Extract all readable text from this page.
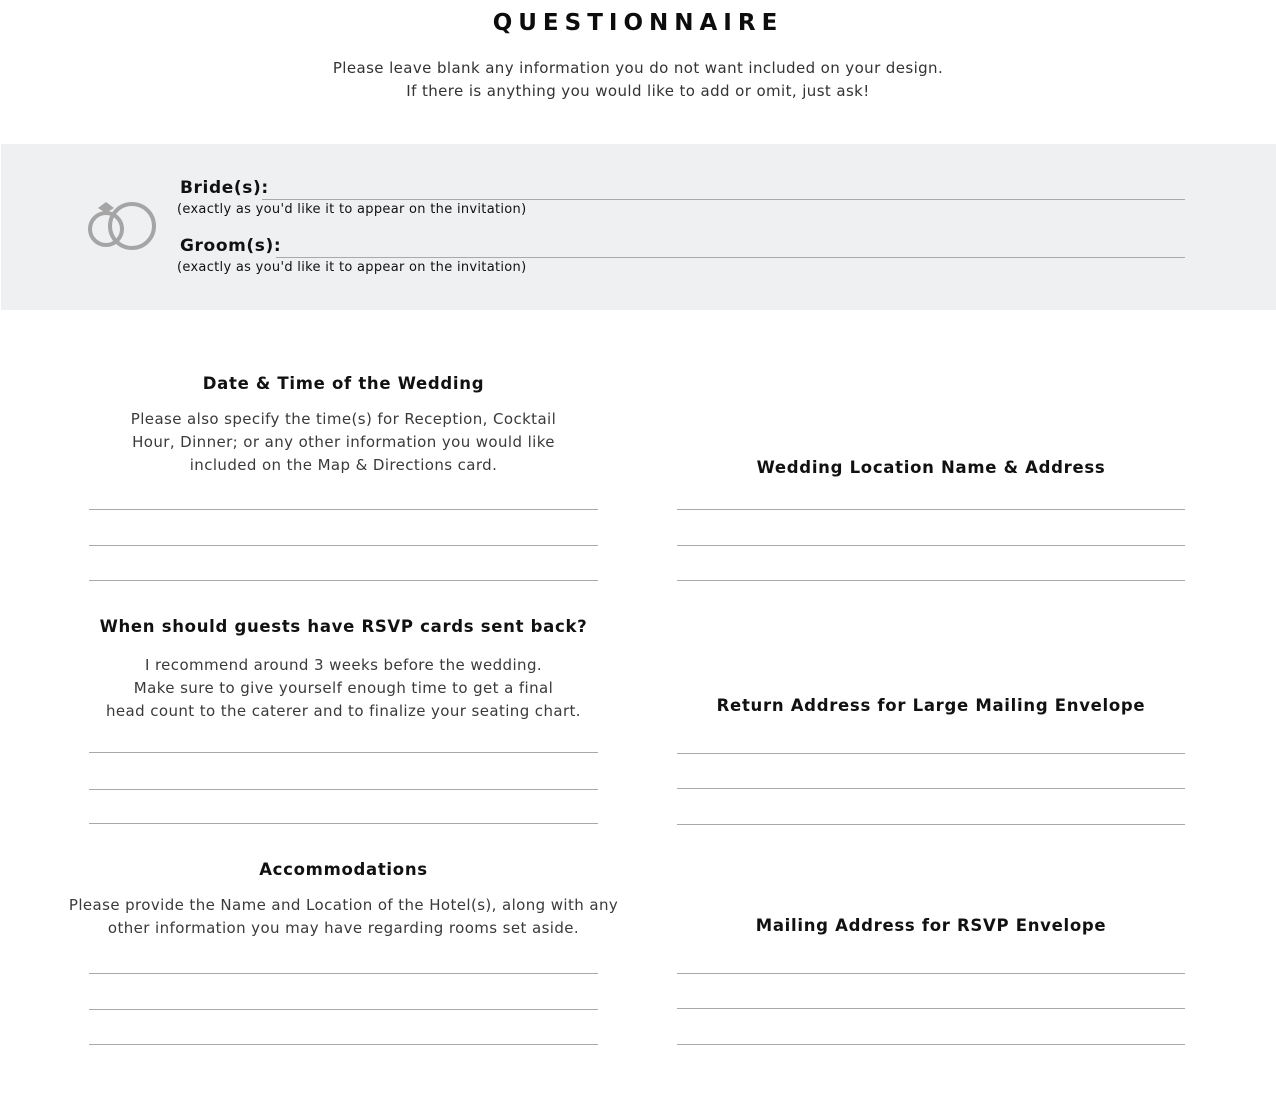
QUESTIONNAIRE
Please leave blank any information you do not want included on your design.
If there is anything you would like to add or omit, just ask!
Bride(s):
(exactly as you'd like it to appear on the invitation)
Groom(s):
(exactly as you'd like it to appear on the invitation)
Date & Time of the Wedding
Please also specify the time(s) for Reception, Cocktail
Hour, Dinner; or any other information you would like
included on the Map & Directions card.
When should guests have RSVP cards sent back?
I recommend around 3 weeks before the wedding.
Make sure to give yourself enough time to get a final
head count to the caterer and to finalize your seating chart.
Accommodations
Please provide the Name and Location of the Hotel(s), along with any
other information you may have regarding rooms set aside.
Wedding Location Name & Address
Return Address for Large Mailing Envelope
Mailing Address for RSVP Envelope
